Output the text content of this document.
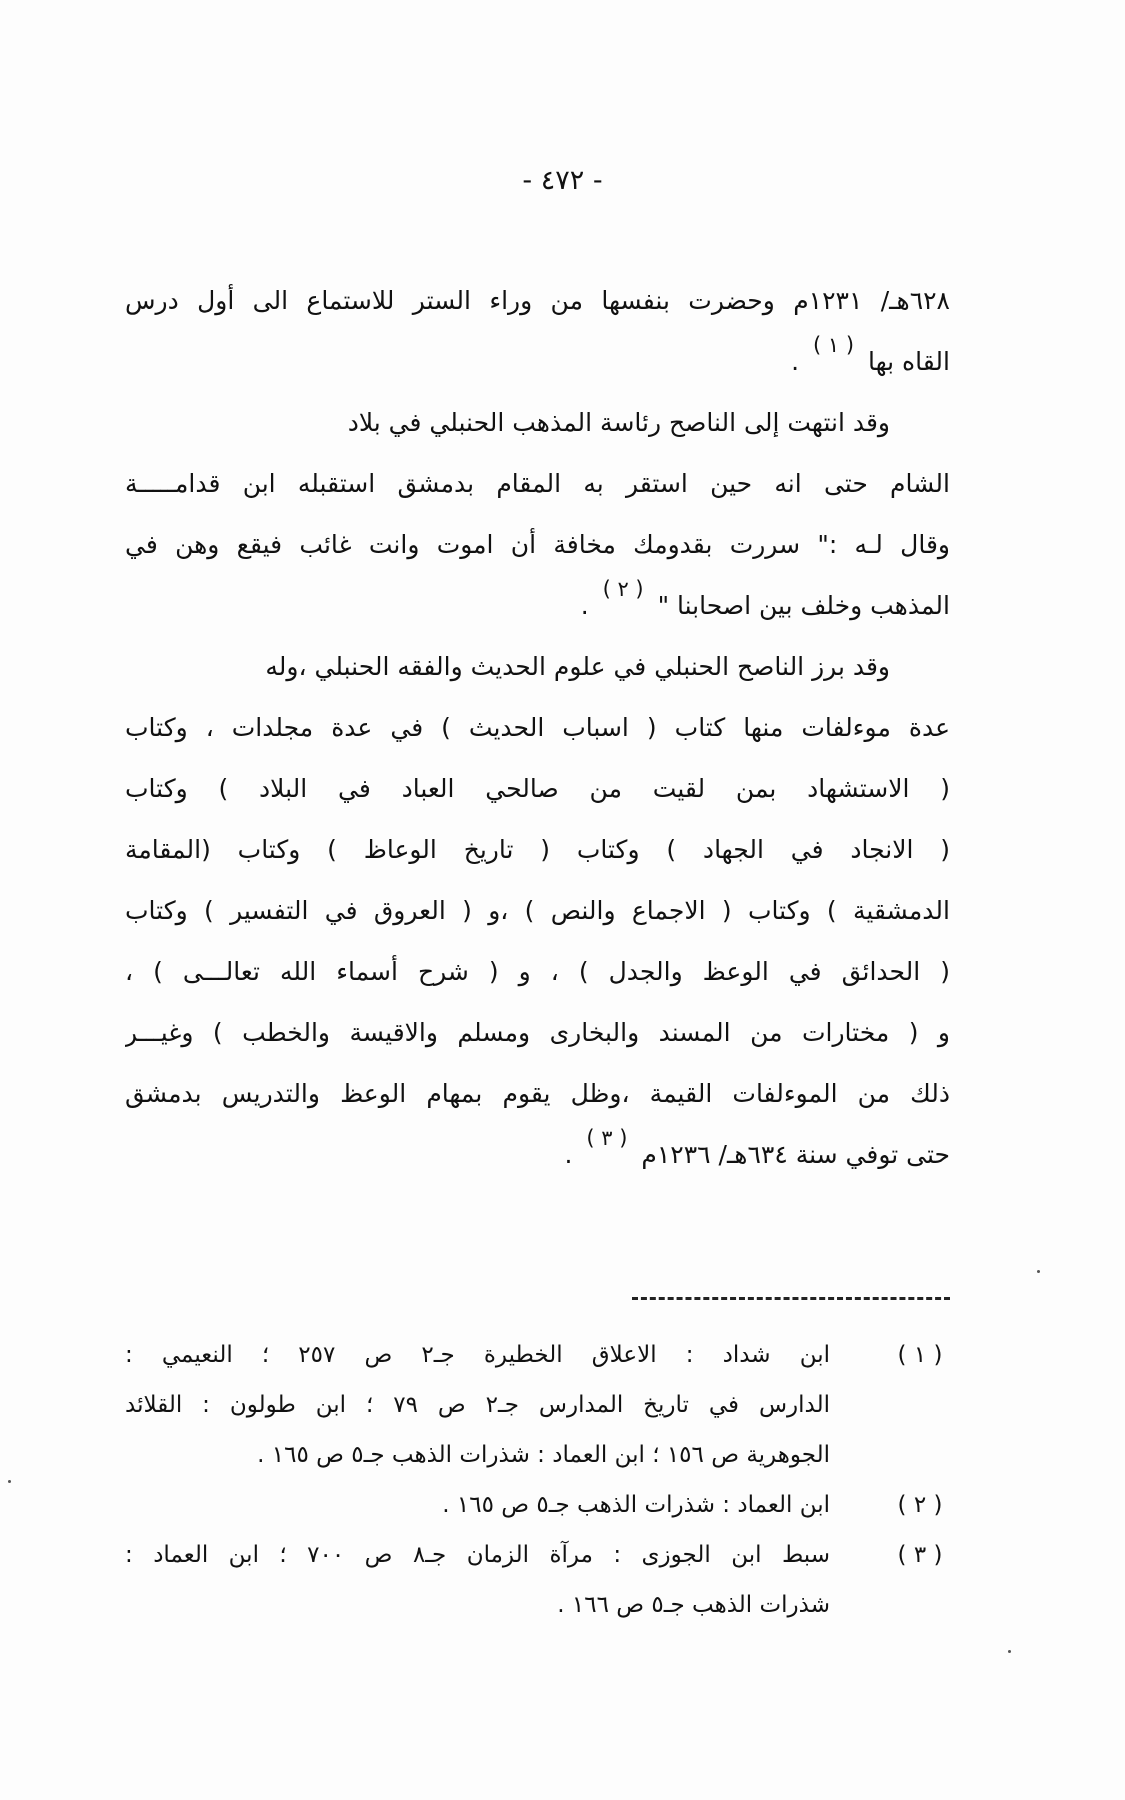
- ٤٧٢ -
٦٢٨هـ/ ١٢٣١م وحضرت بنفسها من وراء الستر للاستماع الى أول درس
القاه بها ( ١ ) .
وقد انتهت إلى الناصح رئاسة المذهب الحنبلي في بلاد
الشام حتى انه حين استقر به المقام بدمشق استقبله ابن قدامـــــة
وقال لـه :" سررت بقدومك مخافة أن اموت وانت غائب فيقع وهن في
المذهب وخلف بين اصحابنا " ( ٢ ) .
وقد برز الناصح الحنبلي في علوم الحديث والفقه الحنبلي ،وله
عدة موءلفات منها كتاب ( اسباب الحديث ) في عدة مجلدات ، وكتاب
( الاستشهاد بمن لقيت من صالحي العباد في البلاد ) وكتاب
( الانجاد في الجهاد ) وكتاب ( تاريخ الوعاظ ) وكتاب (المقامة
الدمشقية ) وكتاب ( الاجماع والنص ) ،و ( العروق في التفسير ) وكتاب
( الحدائق في الوعظ والجدل ) ، و ( شرح أسماء الله تعالـــى ) ،
و ( مختارات من المسند والبخارى ومسلم والاقيسة والخطب ) وغيـــر
ذلك من الموءلفات القيمة ،وظل يقوم بمهام الوعظ والتدريس بدمشق
حتى توفي سنة ٦٣٤هـ/ ١٢٣٦م ( ٣ ) .
( ١ )
ابن شداد : الاعلاق الخطيرة جـ٢ ص ٢٥٧ ؛ النعيمي :
الدارس في تاريخ المدارس جـ٢ ص ٧٩ ؛ ابن طولون : القلائد
الجوهرية ص ١٥٦ ؛ ابن العماد : شذرات الذهب جـ٥ ص ١٦٥ .
( ٢ )
ابن العماد : شذرات الذهب جـ٥ ص ١٦٥ .
( ٣ )
سبط ابن الجوزى : مرآة الزمان جـ٨ ص ٧٠٠ ؛ ابن العماد :
شذرات الذهب جـ٥ ص ١٦٦ .
